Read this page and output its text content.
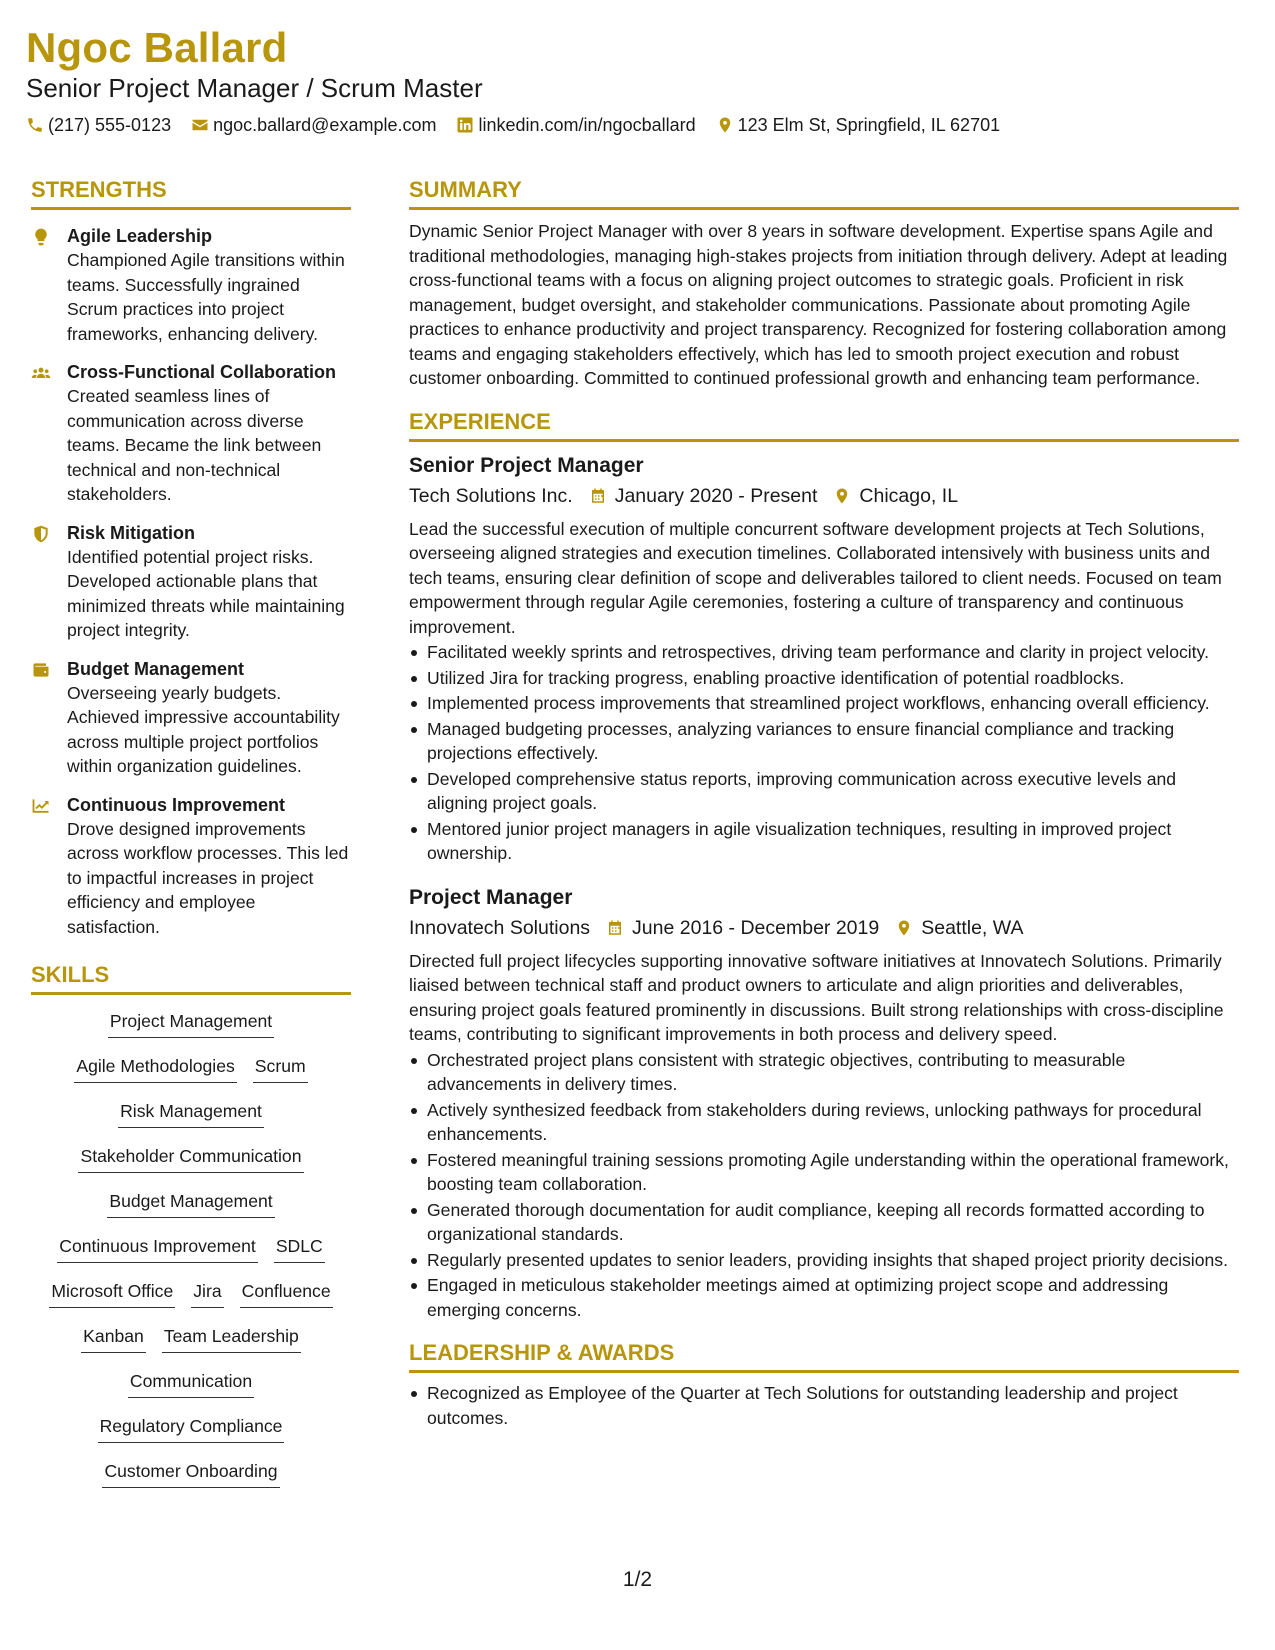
Ngoc Ballard
Senior Project Manager / Scrum Master
(217) 555-0123 ngoc.ballard@example.com linkedin.com/in/ngocballard 123 Elm St, Springfield, IL 62701
STRENGTHS
Agile Leadership
Championed Agile transitions within teams. Successfully ingrained Scrum practices into project frameworks, enhancing delivery.
Cross-Functional Collaboration
Created seamless lines of communication across diverse teams. Became the link between technical and non-technical stakeholders.
Risk Mitigation
Identified potential project risks. Developed actionable plans that minimized threats while maintaining project integrity.
Budget Management
Overseeing yearly budgets. Achieved impressive accountability across multiple project portfolios within organization guidelines.
Continuous Improvement
Drove designed improvements across workflow processes. This led to impactful increases in project efficiency and employee satisfaction.
SKILLS
Project Management
Agile Methodologies Scrum
Risk Management
Stakeholder Communication
Budget Management
Continuous Improvement SDLC
Microsoft Office Jira Confluence
Kanban Team Leadership
Communication
Regulatory Compliance
Customer Onboarding
SUMMARY
Dynamic Senior Project Manager with over 8 years in software development. Expertise spans Agile and traditional methodologies, managing high-stakes projects from initiation through delivery. Adept at leading cross-functional teams with a focus on aligning project outcomes to strategic goals. Proficient in risk management, budget oversight, and stakeholder communications. Passionate about promoting Agile practices to enhance productivity and project transparency. Recognized for fostering collaboration among teams and engaging stakeholders effectively, which has led to smooth project execution and robust customer onboarding. Committed to continued professional growth and enhancing team performance.
EXPERIENCE
Senior Project Manager
Tech Solutions Inc. January 2020 - Present Chicago, IL
Lead the successful execution of multiple concurrent software development projects at Tech Solutions, overseeing aligned strategies and execution timelines. Collaborated intensively with business units and tech teams, ensuring clear definition of scope and deliverables tailored to client needs. Focused on team empowerment through regular Agile ceremonies, fostering a culture of transparency and continuous improvement.
Facilitated weekly sprints and retrospectives, driving team performance and clarity in project velocity.
Utilized Jira for tracking progress, enabling proactive identification of potential roadblocks.
Implemented process improvements that streamlined project workflows, enhancing overall efficiency.
Managed budgeting processes, analyzing variances to ensure financial compliance and tracking projections effectively.
Developed comprehensive status reports, improving communication across executive levels and aligning project goals.
Mentored junior project managers in agile visualization techniques, resulting in improved project ownership.
Project Manager
Innovatech Solutions June 2016 - December 2019 Seattle, WA
Directed full project lifecycles supporting innovative software initiatives at Innovatech Solutions. Primarily liaised between technical staff and product owners to articulate and align priorities and deliverables, ensuring project goals featured prominently in discussions. Built strong relationships with cross-discipline teams, contributing to significant improvements in both process and delivery speed.
Orchestrated project plans consistent with strategic objectives, contributing to measurable advancements in delivery times.
Actively synthesized feedback from stakeholders during reviews, unlocking pathways for procedural enhancements.
Fostered meaningful training sessions promoting Agile understanding within the operational framework, boosting team collaboration.
Generated thorough documentation for audit compliance, keeping all records formatted according to organizational standards.
Regularly presented updates to senior leaders, providing insights that shaped project priority decisions.
Engaged in meticulous stakeholder meetings aimed at optimizing project scope and addressing emerging concerns.
LEADERSHIP & AWARDS
Recognized as Employee of the Quarter at Tech Solutions for outstanding leadership and project outcomes.
1/2
